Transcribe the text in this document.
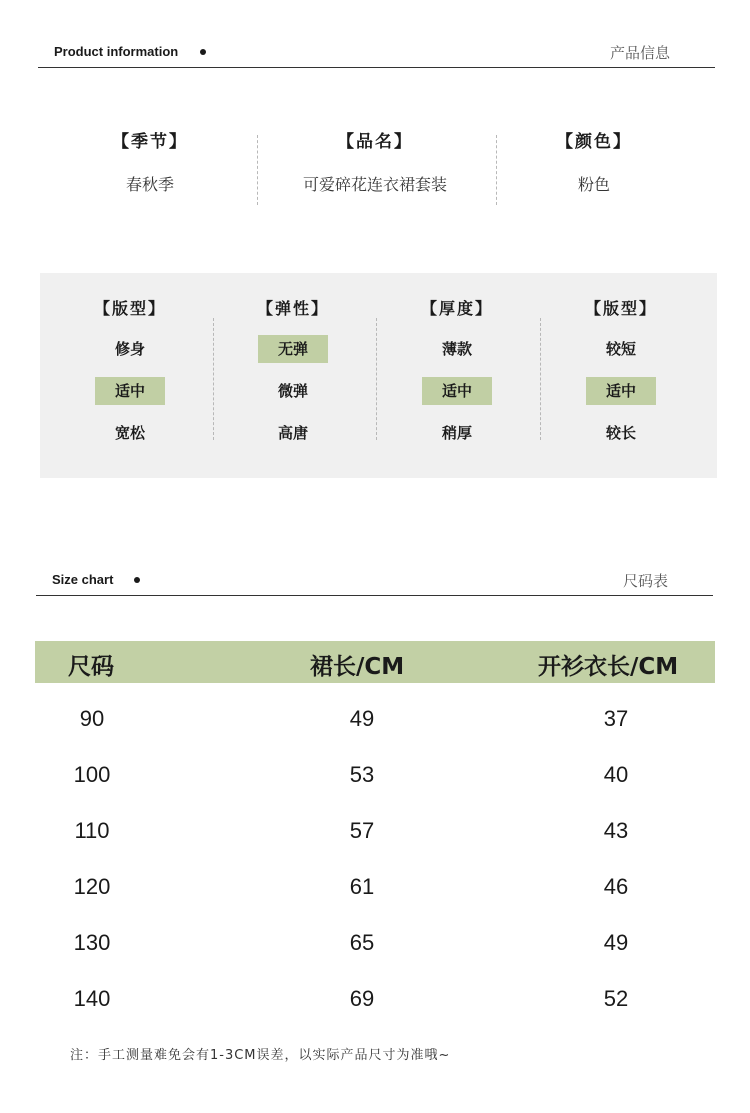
Product information	产品信息
【季节】
春秋季
【品名】
可爱碎花连衣裙套装
【颜色】
粉色
【版型】
修身
适中
宽松
【弹性】
无弹
微弹
高唐
【厚度】
薄款
适中
稍厚
【版型】
较短
适中
较长
Size chart	尺码表
尺码	裙长/CM	开衫衣长/CM
90	49	37
100	53	40
110	57	43
120	61	46
130	65	49
140	69	52
注：手工测量难免会有1-3CM误差，以实际产品尺寸为准哦~
